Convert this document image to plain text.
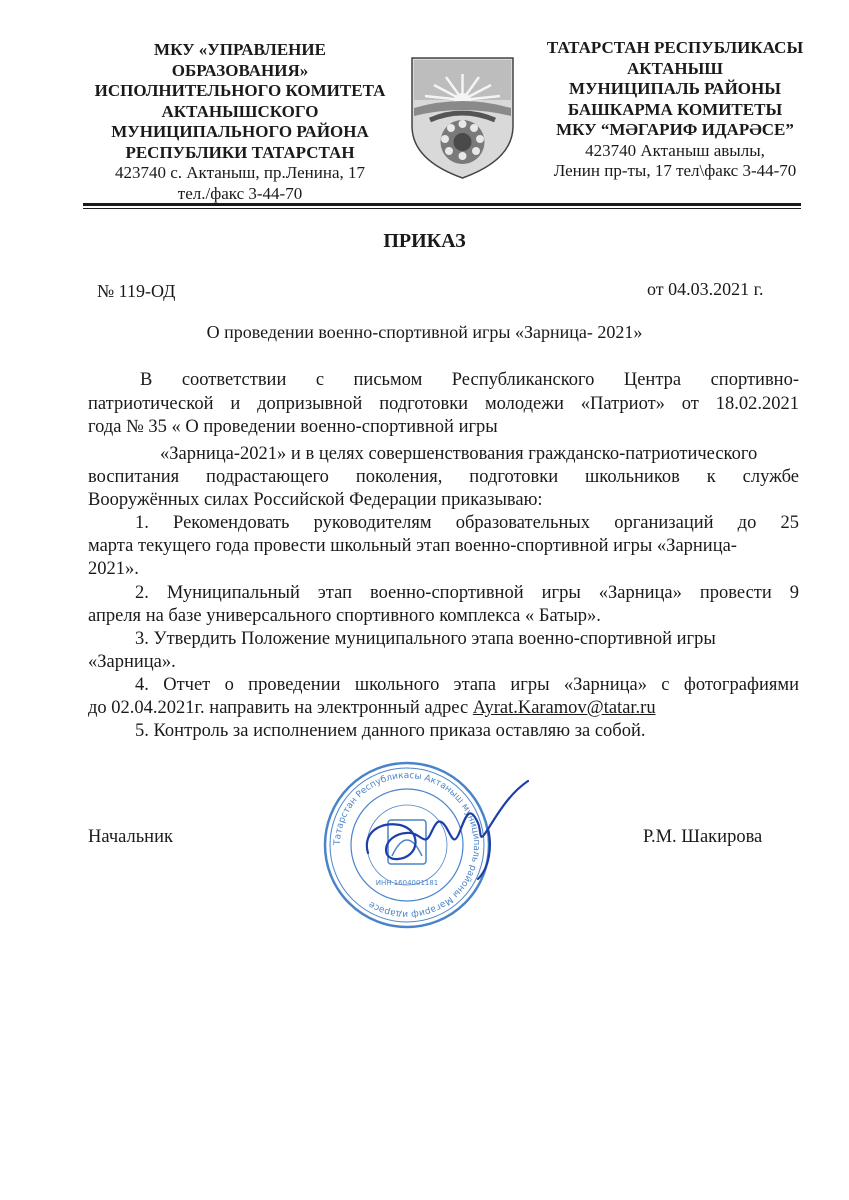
МКУ «УПРАВЛЕНИЕ
ОБРАЗОВАНИЯ»
ИСПОЛНИТЕЛЬНОГО КОМИТЕТА
АКТАНЫШСКОГО
МУНИЦИПАЛЬНОГО РАЙОНА
РЕСПУБЛИКИ ТАТАРСТАН
423740 с. Актаныш, пр.Ленина, 17
тел./факс 3-44-70
ТАТАРСТАН РЕСПУБЛИКАСЫ
АКТАНЫШ
МУНИЦИПАЛЬ РАЙОНЫ
БАШКАРМА КОМИТЕТЫ
МКУ “МӘГАРИФ ИДАРӘСЕ”
423740 Актаныш авылы,
Ленин пр-ты, 17 тел\факс 3-44-70
ПРИКАЗ
№ 119-ОД	от 04.03.2021 г.
О проведении военно-спортивной игры «Зарница- 2021»
В соответствии с письмом Республиканского Центра спортивно-
патриотической и допризывной подготовки молодежи «Патриот» от 18.02.2021
года № 35 « О проведении военно-спортивной игры
«Зарница-2021» и в целях совершенствования гражданско-патриотического
воспитания подрастающего поколения, подготовки школьников к службе
Вооружённых силах Российской Федерации приказываю:
1. Рекомендовать руководителям образовательных организаций до 25
марта текущего года провести школьный этап военно-спортивной игры «Зарница-
2021».
2. Муниципальный этап военно-спортивной игры «Зарница» провести 9
апреля на базе универсального спортивного комплекса « Батыр».
3. Утвердить Положение муниципального этапа военно-спортивной игры
«Зарница».
4. Отчет о проведении школьного этапа игры «Зарница» с фотографиями
до 02.04.2021г. направить на электронный адрес Ayrat.Karamov@tatar.ru
5. Контроль за исполнением данного приказа оставляю за собой.
Татарстан Республикасы Актаныш муниципаль районы Мәгариф идарәсе
ИНН 1604001181
Начальник	Р.М. Шакирова
